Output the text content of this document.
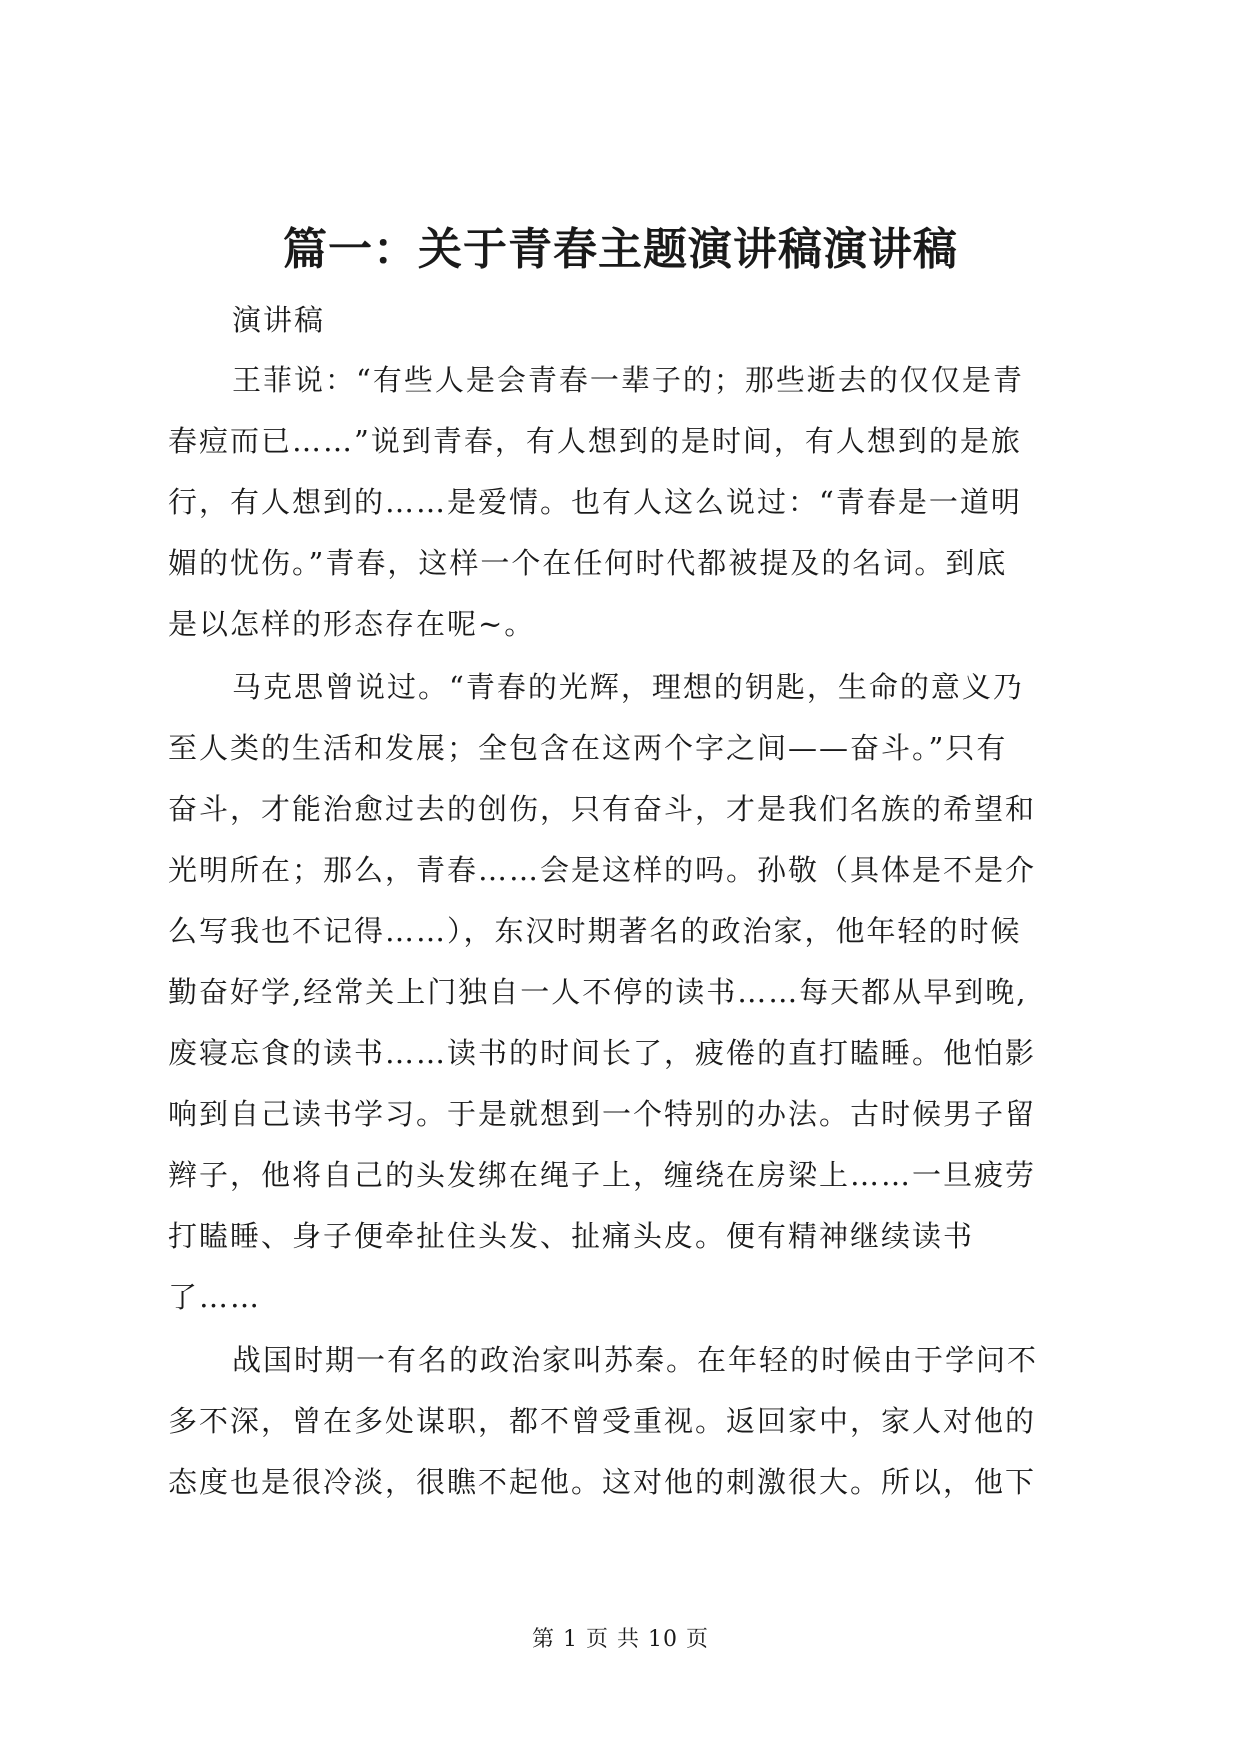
篇一：关于青春主题演讲稿演讲稿
演讲稿
王菲说：“有些人是会青春一辈子的；那些逝去的仅仅是青
春痘而已……”说到青春，有人想到的是时间，有人想到的是旅
行，有人想到的……是爱情。也有人这么说过：“青春是一道明
媚的忧伤。”青春，这样一个在任何时代都被提及的名词。到底
是以怎样的形态存在呢~。
马克思曾说过。“青春的光辉，理想的钥匙，生命的意义乃
至人类的生活和发展；全包含在这两个字之间——奋斗。”只有
奋斗，才能治愈过去的创伤，只有奋斗，才是我们名族的希望和
光明所在；那么，青春……会是这样的吗。孙敬（具体是不是介
么写我也不记得……），东汉时期著名的政治家，他年轻的时候
勤奋好学,经常关上门独自一人不停的读书……每天都从早到晚,
废寝忘食的读书……读书的时间长了，疲倦的直打瞌睡。他怕影
响到自己读书学习。于是就想到一个特别的办法。古时候男子留
辫子，他将自己的头发绑在绳子上，缠绕在房梁上……一旦疲劳
打瞌睡、身子便牵扯住头发、扯痛头皮。便有精神继续读书
了……
战国时期一有名的政治家叫苏秦。在年轻的时候由于学问不
多不深，曾在多处谋职，都不曾受重视。返回家中，家人对他的
态度也是很冷淡，很瞧不起他。这对他的刺激很大。所以，他下
第 1 页 共 10 页
